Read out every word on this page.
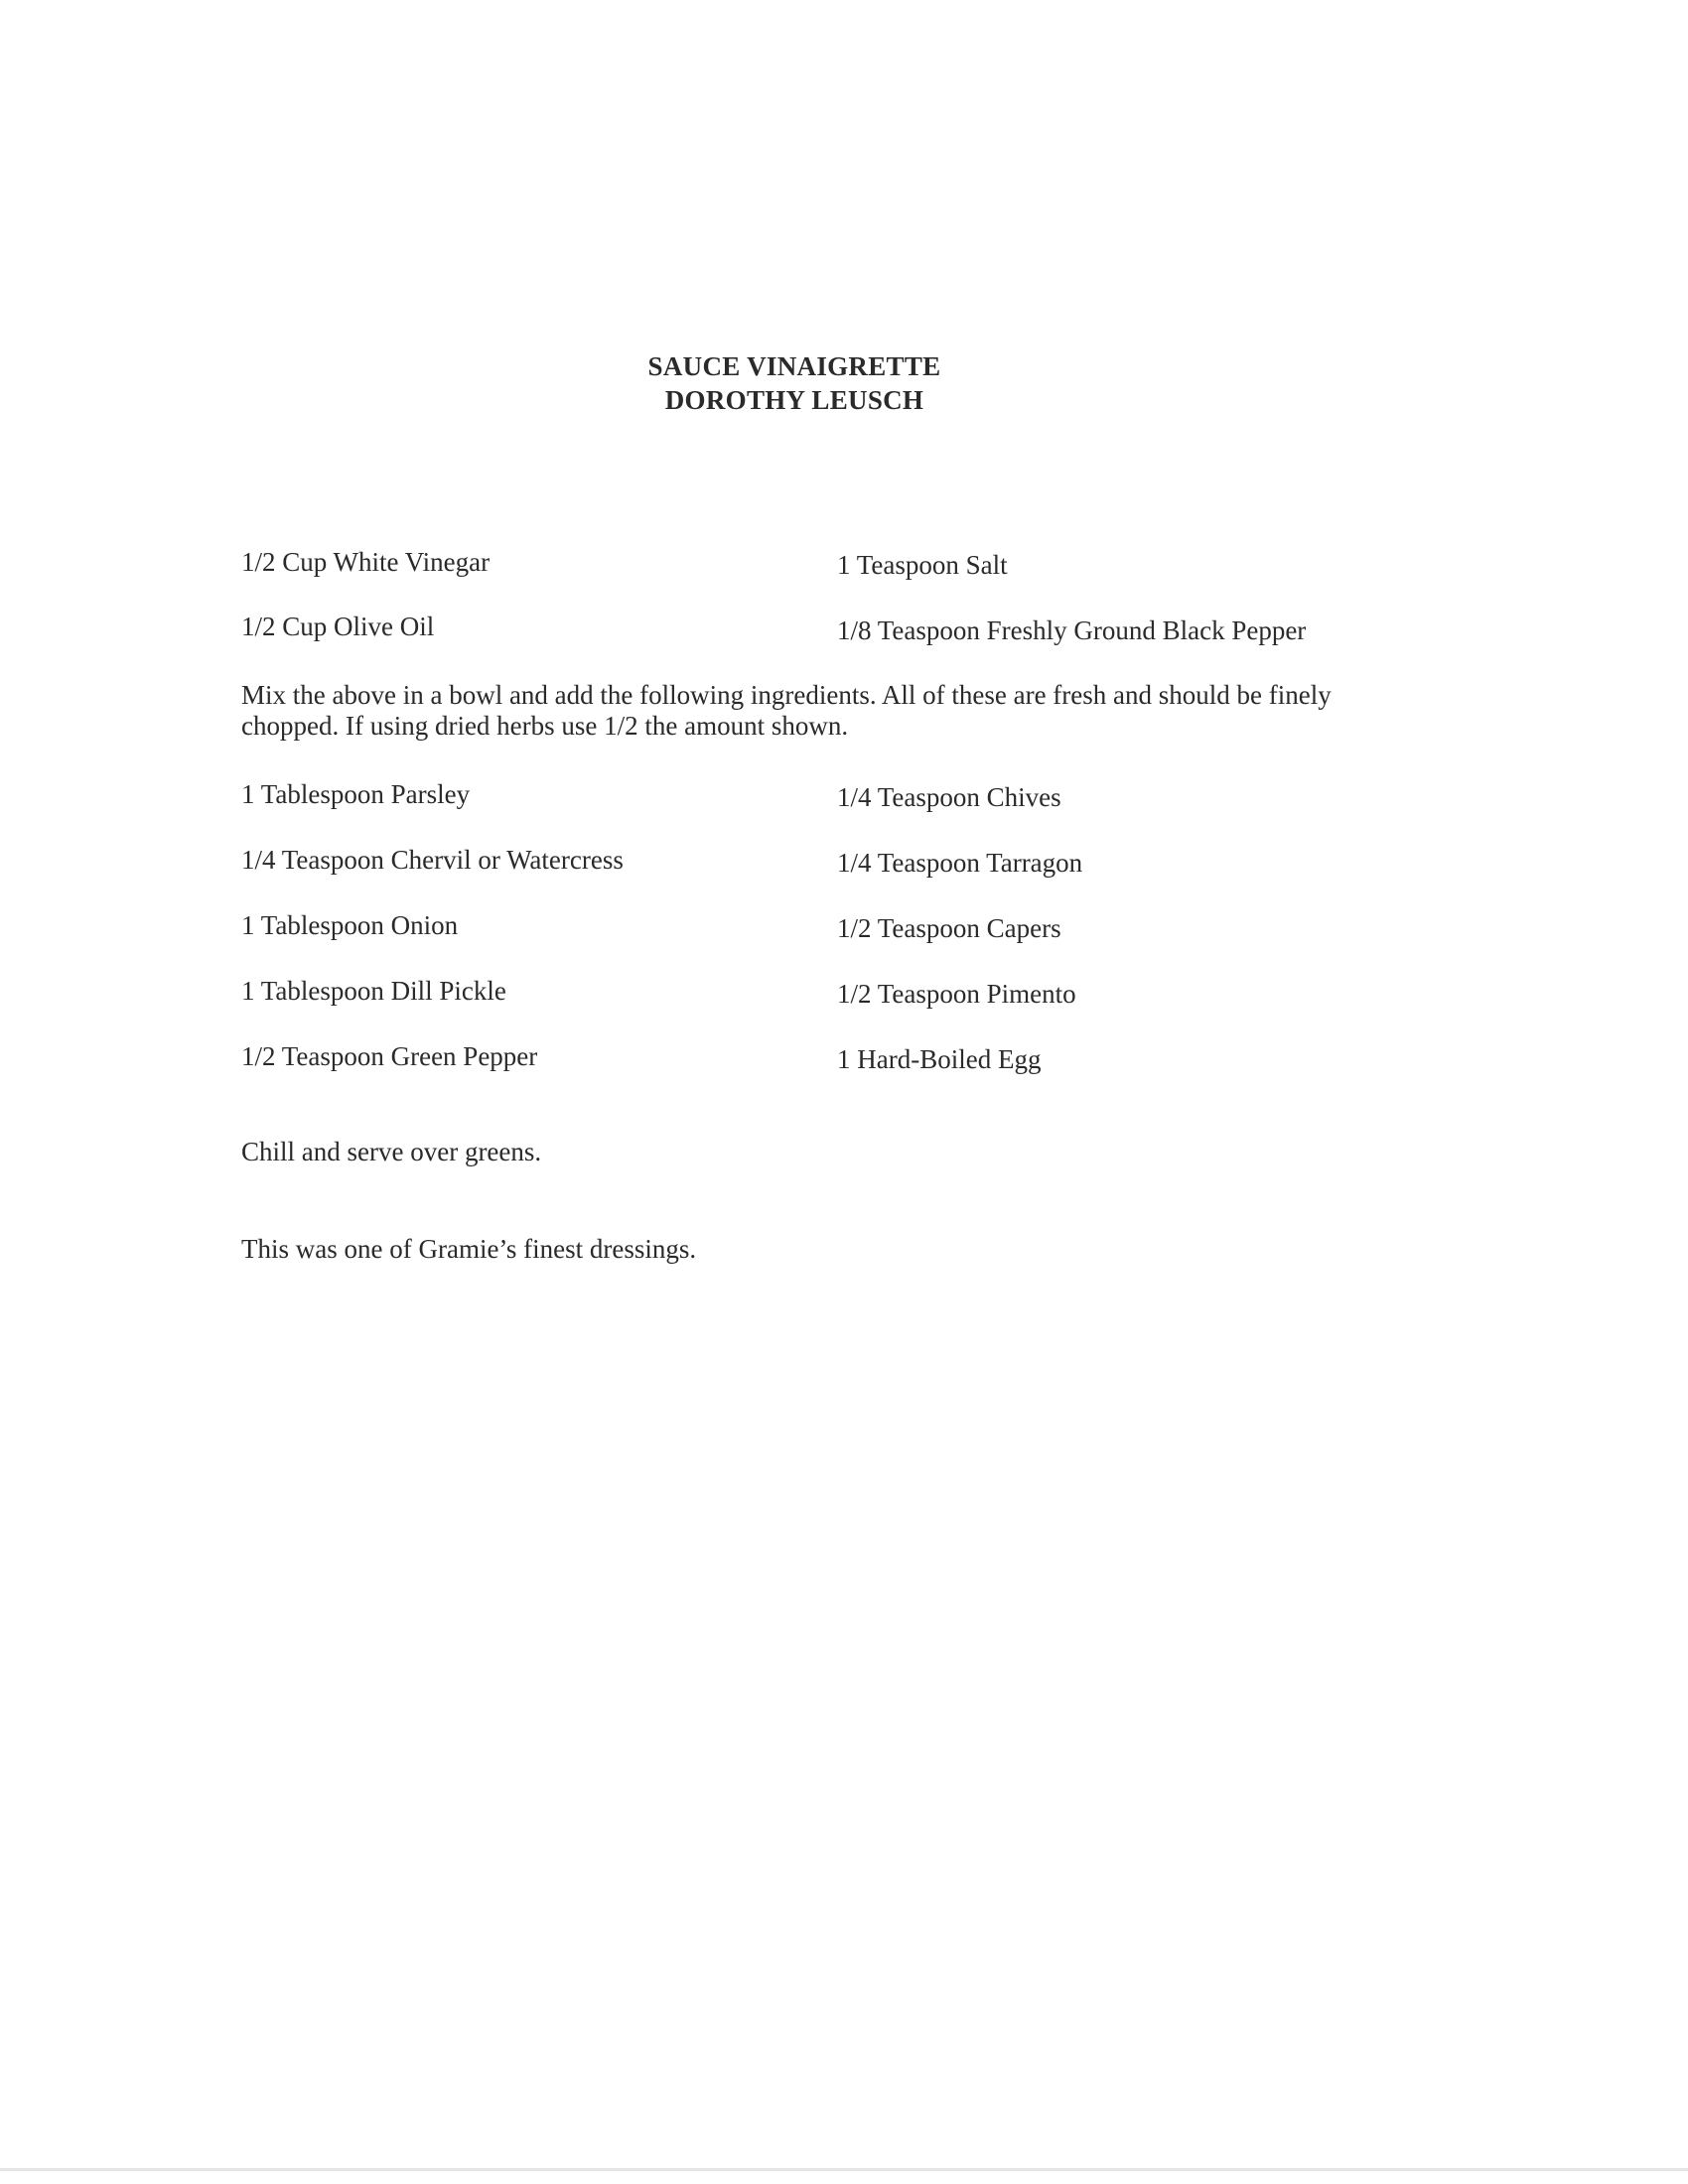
SAUCE VINAIGRETTE
DOROTHY LEUSCH
1/2 Cup White Vinegar	1 Teaspoon Salt
1/2 Cup Olive Oil	1/8 Teaspoon Freshly Ground Black Pepper
Mix the above in a bowl and add the following ingredients. All of these are fresh and should be finely chopped. If using dried herbs use 1/2 the amount shown.
1 Tablespoon Parsley	1/4 Teaspoon Chives
1/4 Teaspoon Chervil or Watercress	1/4 Teaspoon Tarragon
1 Tablespoon Onion	1/2 Teaspoon Capers
1 Tablespoon Dill Pickle	1/2 Teaspoon Pimento
1/2 Teaspoon Green Pepper	1 Hard-Boiled Egg
Chill and serve over greens.
This was one of Gramie’s finest dressings.
